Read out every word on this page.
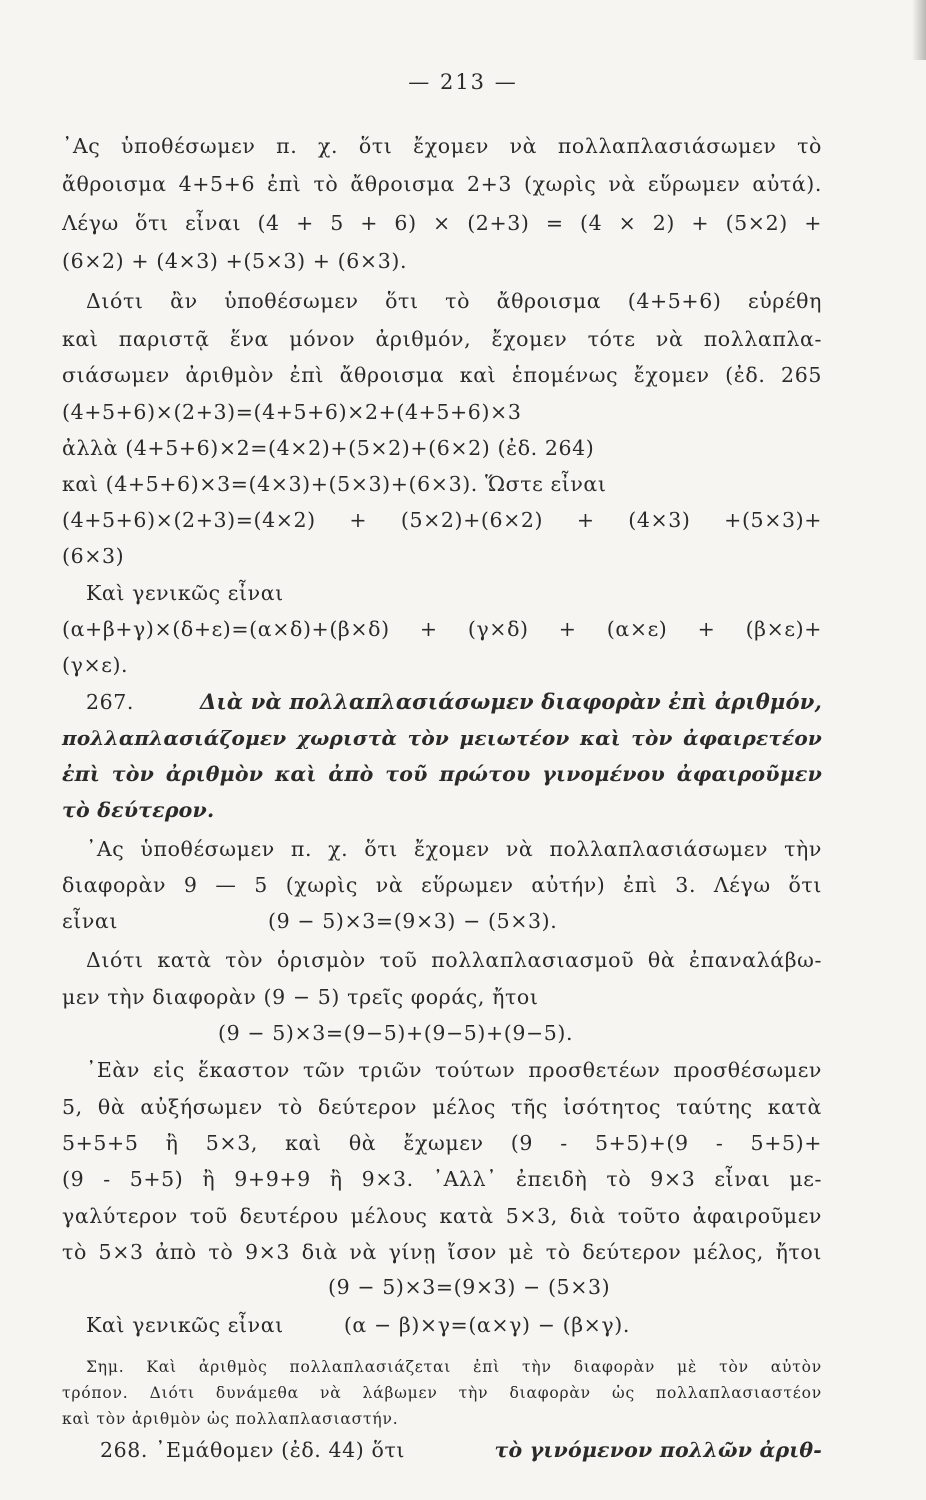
— 213 —
᾿Ας ὑποθέσωμεν π. χ. ὅτι ἔχομεν νὰ πολλαπλασιάσωμεν τὸ
ἄθροισμα 4+5+6 ἐπὶ τὸ ἄθροισμα 2+3 (χωρὶς νὰ εὕρωμεν αὐτά).
Λέγω ὅτι εἶναι (4 + 5 + 6) × (2+3) = (4 × 2) + (5×2) +
(6×2) + (4×3) +(5×3) + (6×3).
Διότι ἂν ὑποθέσωμεν ὅτι τὸ ἄθροισμα (4+5+6) εὑρέθη
καὶ παριστᾷ ἕνα μόνον ἀριθμόν, ἔχομεν τότε νὰ πολλαπλα-
σιάσωμεν ἀριθμὸν ἐπὶ ἄθροισμα καὶ ἑπομένως ἔχομεν (ἐδ. 265
(4+5+6)×(2+3)=(4+5+6)×2+(4+5+6)×3
ἀλλὰ (4+5+6)×2=(4×2)+(5×2)+(6×2) (ἐδ. 264)
καὶ (4+5+6)×3=(4×3)+(5×3)+(6×3). Ὥστε εἶναι
(4+5+6)×(2+3)=(4×2) + (5×2)+(6×2) + (4×3) +(5×3)+
(6×3)
Καὶ γενικῶς εἶναι
(α+β+γ)×(δ+ε)=(α×δ)+(β×δ) + (γ×δ) + (α×ε) + (β×ε)+
(γ×ε).
267.	Διὰ νὰ πολλαπλασιάσωμεν διαφορὰν ἐπὶ ἀριθμόν,
πολλαπλασιάζομεν χωριστὰ τὸν μειωτέον καὶ τὸν ἀφαιρετέον
ἐπὶ τὸν ἀριθμὸν καὶ ἀπὸ τοῦ πρώτου γινομένου ἀφαιροῦμεν
τὸ δεύτερον.
᾿Ας ὑποθέσωμεν π. χ. ὅτι ἔχομεν νὰ πολλαπλασιάσωμεν τὴν
διαφορὰν 9 — 5 (χωρὶς νὰ εὕρωμεν αὐτήν) ἐπὶ 3. Λέγω ὅτι
εἶναι	(9 − 5)×3=(9×3) − (5×3).
Διότι κατὰ τὸν ὁρισμὸν τοῦ πολλαπλασιασμοῦ θὰ ἐπαναλάβω-
μεν τὴν διαφορὰν (9 − 5) τρεῖς φοράς, ἤτοι
(9 − 5)×3=(9−5)+(9−5)+(9−5).
᾿Εὰν εἰς ἕκαστον τῶν τριῶν τούτων προσθετέων προσθέσωμεν
5, θὰ αὐξήσωμεν τὸ δεύτερον μέλος τῆς ἰσότητος ταύτης κατὰ
5+5+5 ἢ 5×3, καὶ θὰ ἔχωμεν (9 - 5+5)+(9 - 5+5)+
(9 - 5+5) ἢ 9+9+9 ἢ 9×3. ᾿Αλλ᾿ ἐπειδὴ τὸ 9×3 εἶναι με-
γαλύτερον τοῦ δευτέρου μέλους κατὰ 5×3, διὰ τοῦτο ἀφαιροῦμεν
τὸ 5×3 ἀπὸ τὸ 9×3 διὰ νὰ γίνῃ ἴσον μὲ τὸ δεύτερον μέλος, ἤτοι
(9 − 5)×3=(9×3) − (5×3)
Καὶ γενικῶς εἶναι	(α − β)×γ=(α×γ) − (β×γ).
Σημ. Καὶ ἀριθμὸς πολλαπλασιάζεται ἐπὶ τὴν διαφορὰν μὲ τὸν αὐτὸν
τρόπον. Διότι δυνάμεθα νὰ λάβωμεν τὴν διαφορὰν ὡς πολλαπλασιαστέον
καὶ τὸν ἀριθμὸν ὡς πολλαπλασιαστήν.
268. ᾿Εμάθομεν (ἐδ. 44) ὅτι	τὸ γινόμενον πολλῶν ἀριθ-
